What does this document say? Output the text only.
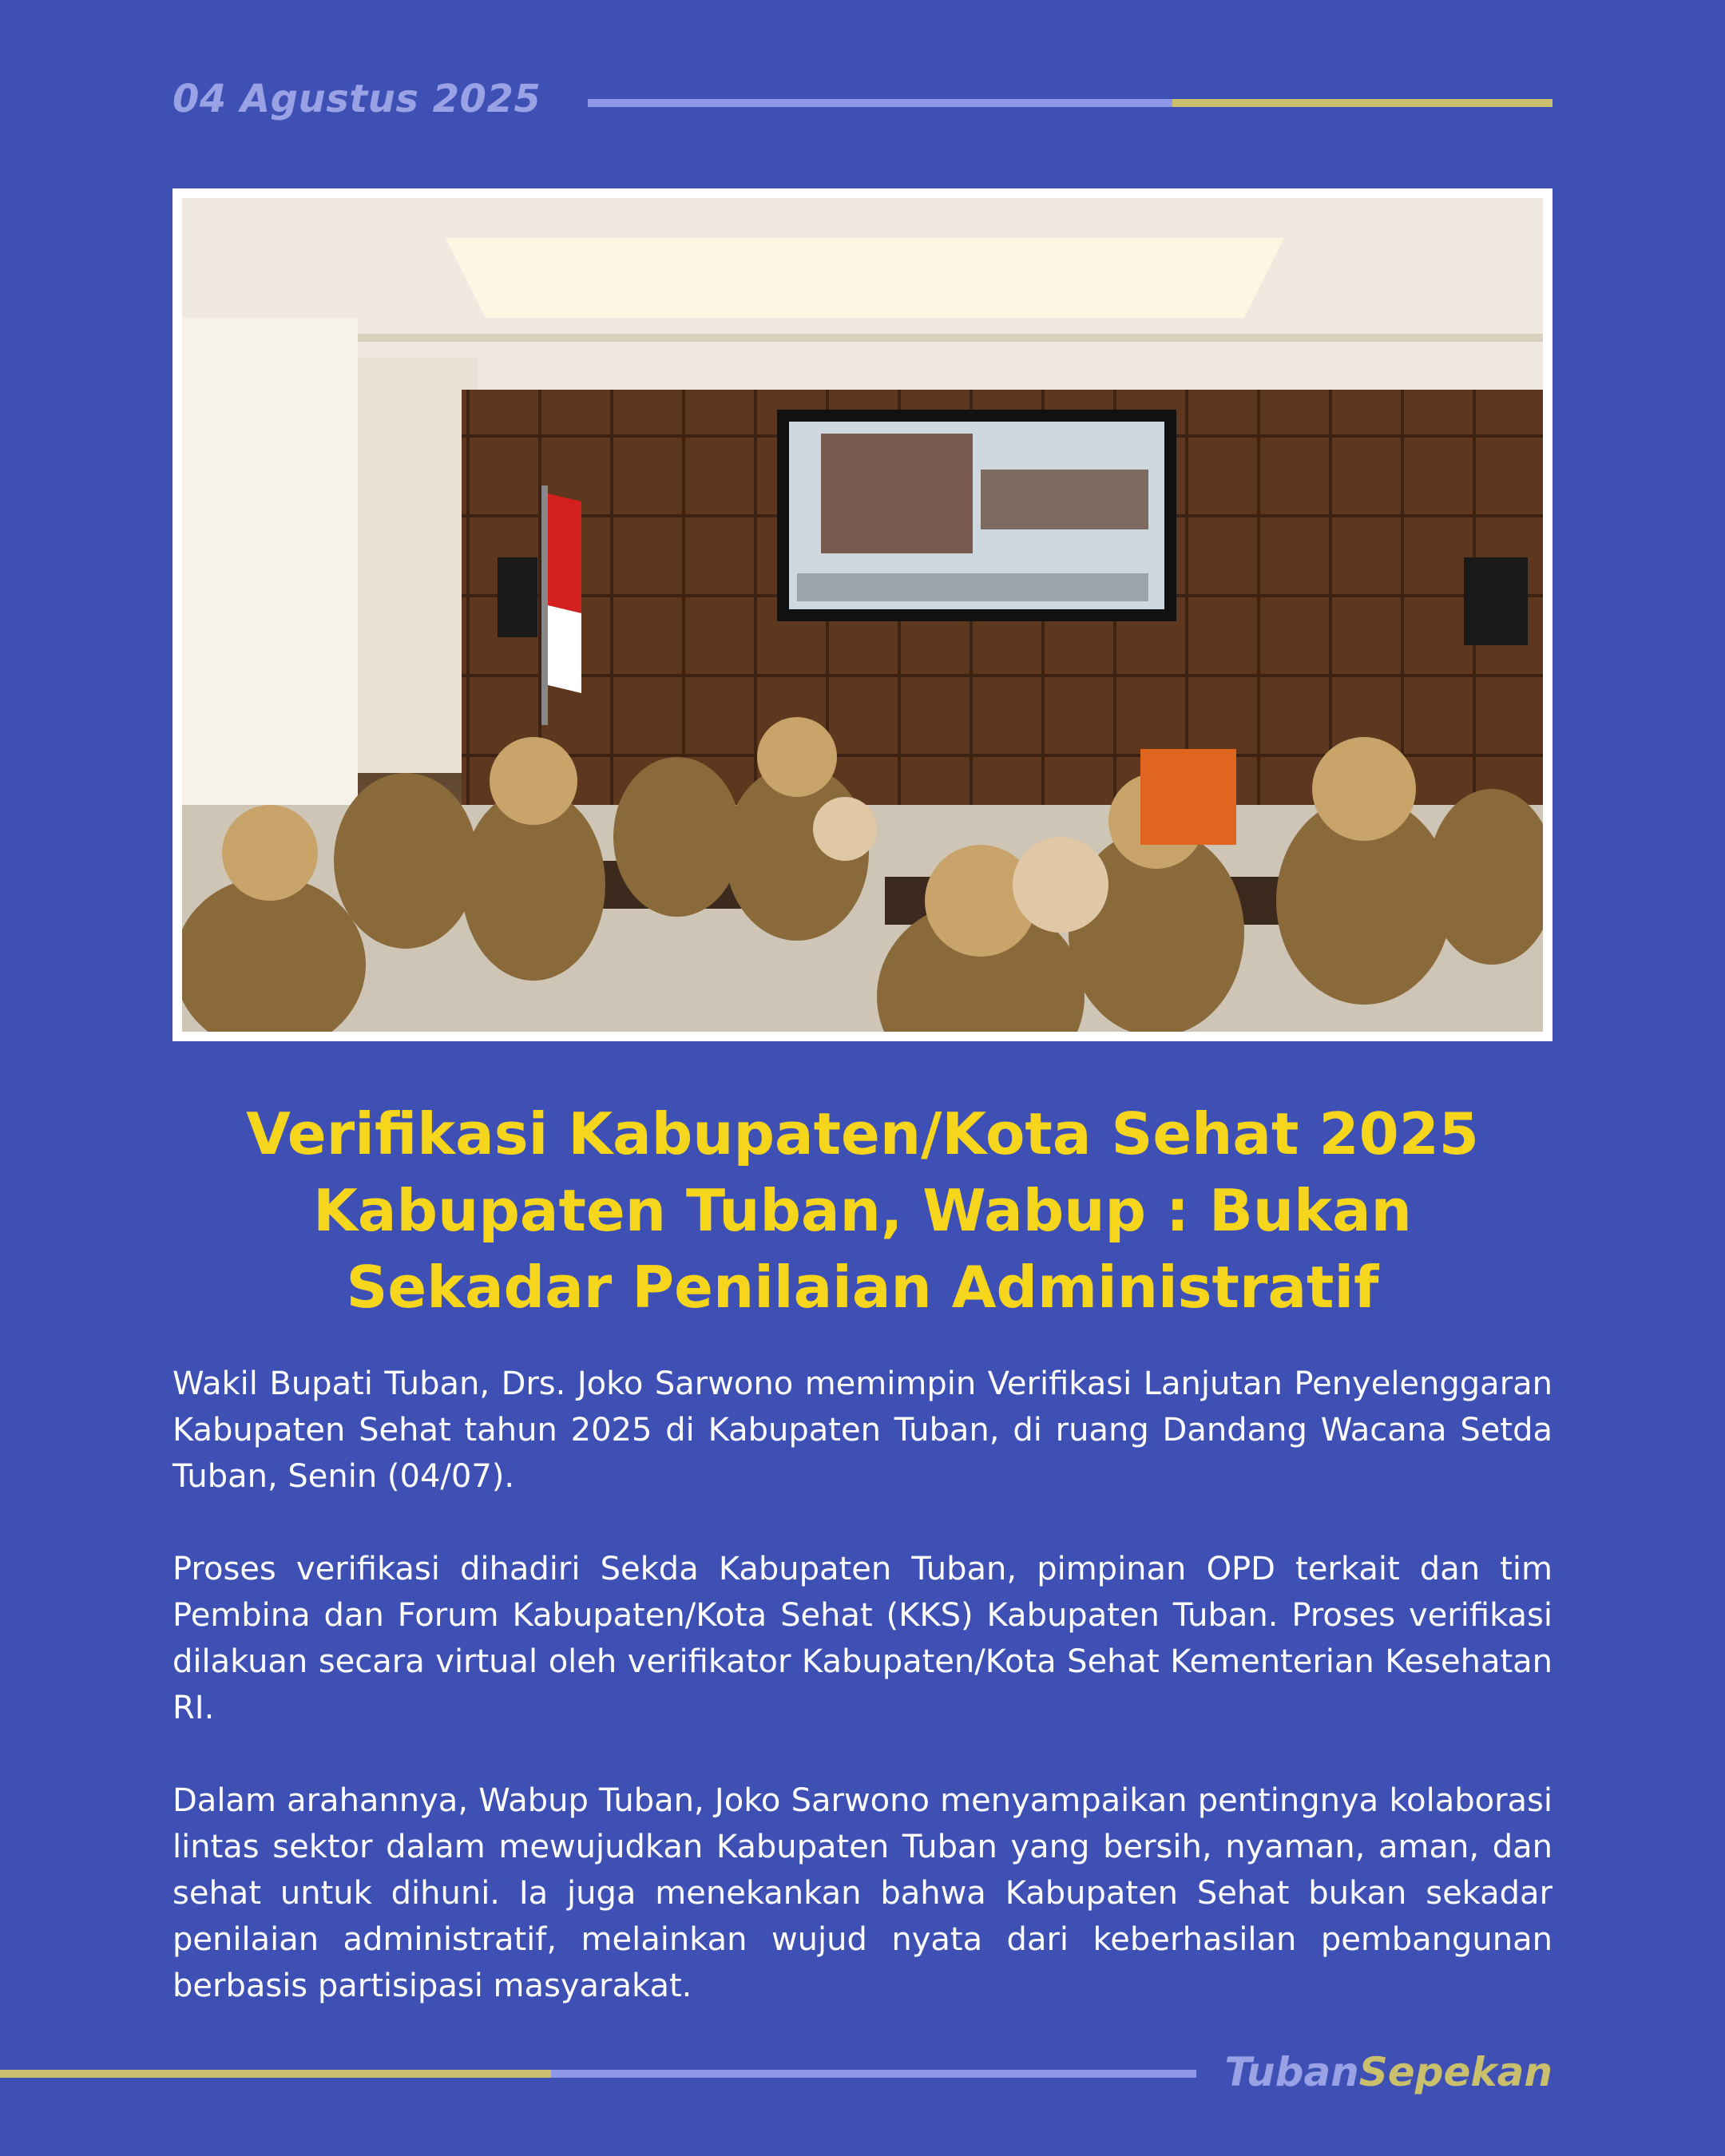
04 Agustus 2025
Verifikasi Kabupaten/Kota Sehat 2025
Kabupaten Tuban, Wabup : Bukan
Sekadar Penilaian Administratif

Wakil Bupati Tuban, Drs. Joko Sarwono memimpin Verifikasi Lanjutan Penyelenggaran Kabupaten Sehat tahun 2025 di Kabupaten Tuban, di ruang Dandang Wacana Setda Tuban, Senin (04/07).

Proses verifikasi dihadiri Sekda Kabupaten Tuban, pimpinan OPD terkait dan tim Pembina dan Forum Kabupaten/Kota Sehat (KKS) Kabupaten Tuban. Proses verifikasi dilakuan secara virtual oleh verifikator Kabupaten/Kota Sehat Kementerian Kesehatan RI.

Dalam arahannya, Wabup Tuban, Joko Sarwono menyampaikan pentingnya kolaborasi lintas sektor dalam mewujudkan Kabupaten Tuban yang bersih, nyaman, aman, dan sehat untuk dihuni. Ia juga menekankan bahwa Kabupaten Sehat bukan sekadar penilaian administratif, melainkan wujud nyata dari keberhasilan pembangunan berbasis partisipasi masyarakat.

TubanSepekan
